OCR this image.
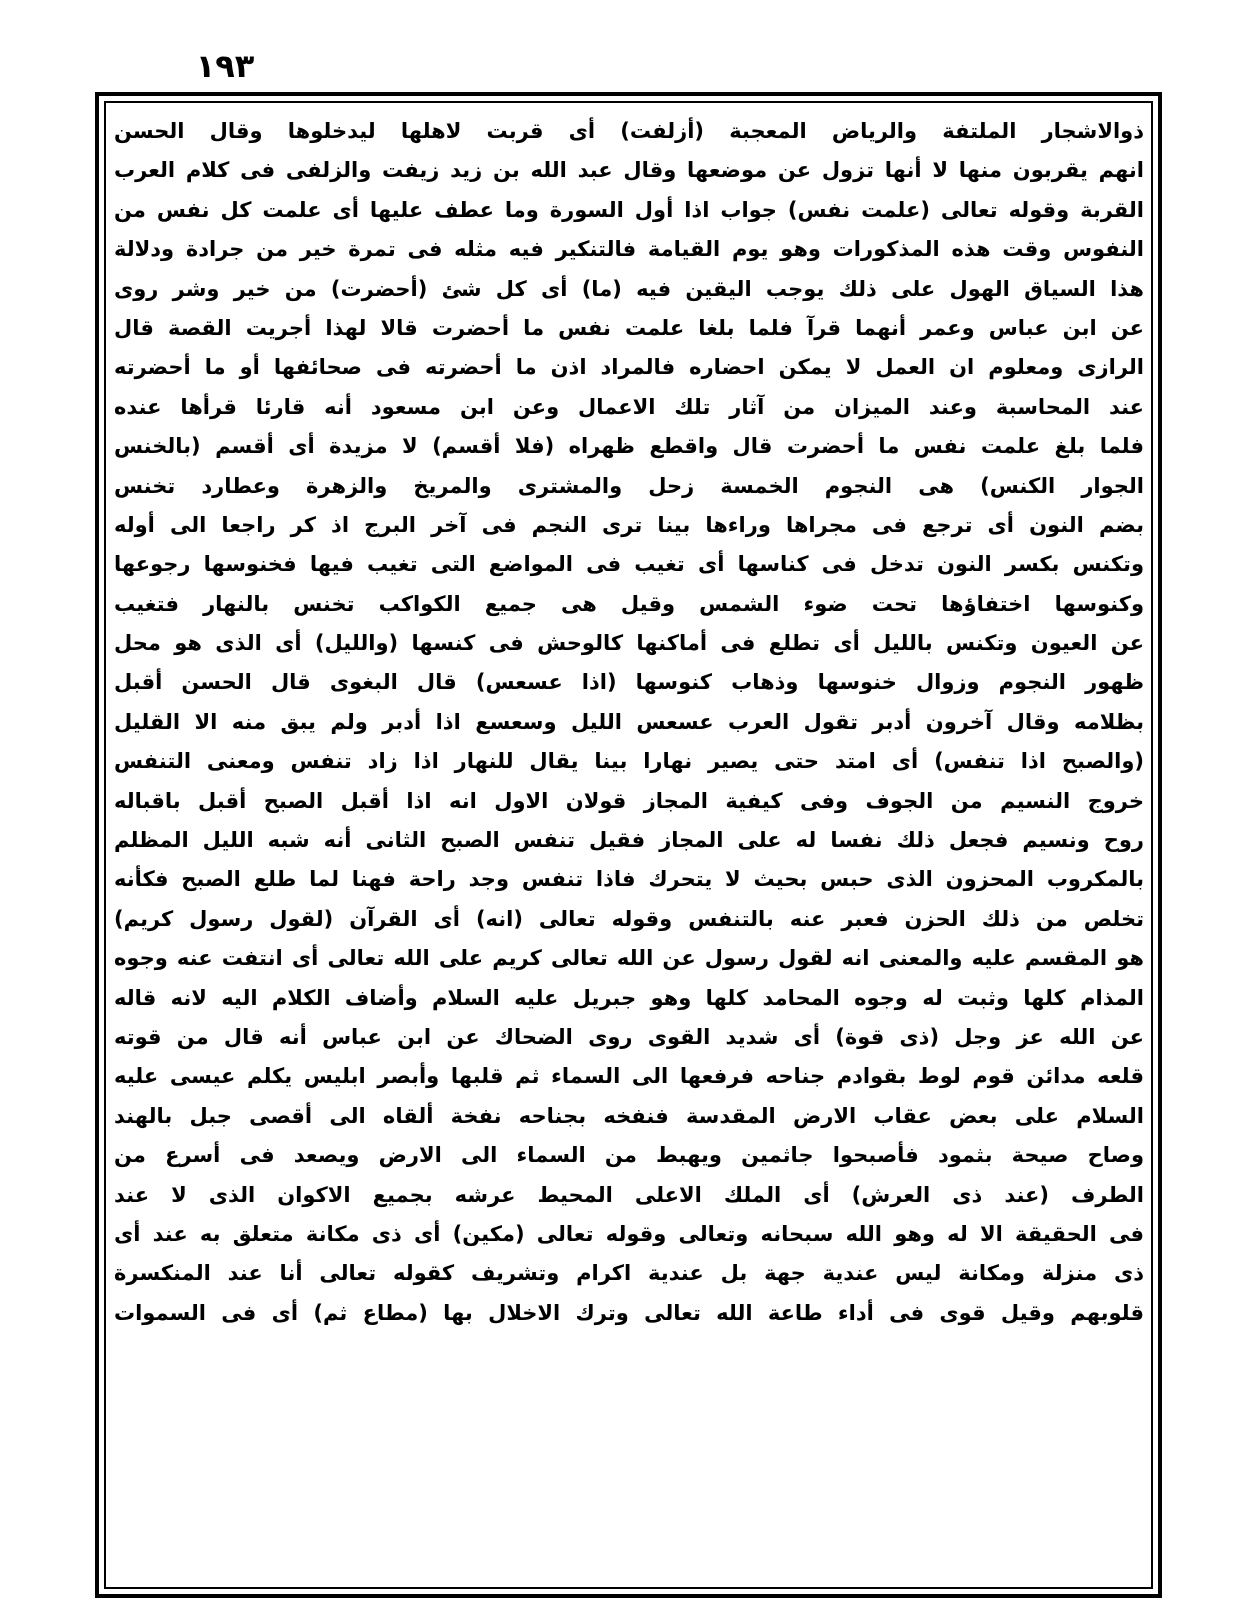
١٩٣
ذوالاشجار الملتفة والرياض المعجبة (أزلفت) أى قربت لاهلها ليدخلوها وقال الحسن
انهم يقربون منها لا أنها تزول عن موضعها وقال عبد الله بن زيد زيفت والزلفى فى كلام العرب
القربة وقوله تعالى (علمت نفس) جواب اذا أول السورة وما عطف عليها أى علمت كل نفس من
النفوس وقت هذه المذكورات وهو يوم القيامة فالتنكير فيه مثله فى تمرة خير من جرادة ودلالة
هذا السياق الهول على ذلك يوجب اليقين فيه (ما) أى كل شئ (أحضرت) من خير وشر روى
عن ابن عباس وعمر أنهما قرآ فلما بلغا علمت نفس ما أحضرت قالا لهذا أجريت القصة قال
الرازى ومعلوم ان العمل لا يمكن احضاره فالمراد اذن ما أحضرته فى صحائفها أو ما أحضرته
عند المحاسبة وعند الميزان من آثار تلك الاعمال وعن ابن مسعود أنه قارئا قرأها عنده
فلما بلغ علمت نفس ما أحضرت قال واقطع ظهراه (فلا أقسم) لا مزيدة أى أقسم (بالخنس
الجوار الكنس) هى النجوم الخمسة زحل والمشترى والمريخ والزهرة وعطارد تخنس
بضم النون أى ترجع فى مجراها وراءها بينا ترى النجم فى آخر البرج اذ كر راجعا الى أوله
وتكنس بكسر النون تدخل فى كناسها أى تغيب فى المواضع التى تغيب فيها فخنوسها رجوعها
وكنوسها اختفاؤها تحت ضوء الشمس وقيل هى جميع الكواكب تخنس بالنهار فتغيب
عن العيون وتكنس بالليل أى تطلع فى أماكنها كالوحش فى كنسها (والليل) أى الذى هو محل
ظهور النجوم وزوال خنوسها وذهاب كنوسها (اذا عسعس) قال البغوى قال الحسن أقبل
بظلامه وقال آخرون أدبر تقول العرب عسعس الليل وسعسع اذا أدبر ولم يبق منه الا القليل
(والصبح اذا تنفس) أى امتد حتى يصير نهارا بينا يقال للنهار اذا زاد تنفس ومعنى التنفس
خروج النسيم من الجوف وفى كيفية المجاز قولان الاول انه اذا أقبل الصبح أقبل باقباله
روح ونسيم فجعل ذلك نفسا له على المجاز فقيل تنفس الصبح الثانى أنه شبه الليل المظلم
بالمكروب المحزون الذى حبس بحيث لا يتحرك فاذا تنفس وجد راحة فهنا لما طلع الصبح فكأنه
تخلص من ذلك الحزن فعبر عنه بالتنفس وقوله تعالى (انه) أى القرآن (لقول رسول كريم)
هو المقسم عليه والمعنى انه لقول رسول عن الله تعالى كريم على الله تعالى أى انتفت عنه وجوه
المذام كلها وثبت له وجوه المحامد كلها وهو جبريل عليه السلام وأضاف الكلام اليه لانه قاله
عن الله عز وجل (ذى قوة) أى شديد القوى روى الضحاك عن ابن عباس أنه قال من قوته
قلعه مدائن قوم لوط بقوادم جناحه فرفعها الى السماء ثم قلبها وأبصر ابليس يكلم عيسى عليه
السلام على بعض عقاب الارض المقدسة فنفخه بجناحه نفخة ألقاه الى أقصى جبل بالهند
وصاح صيحة بثمود فأصبحوا جاثمين ويهبط من السماء الى الارض ويصعد فى أسرع من
الطرف (عند ذى العرش) أى الملك الاعلى المحيط عرشه بجميع الاكوان الذى لا عند
فى الحقيقة الا له وهو الله سبحانه وتعالى وقوله تعالى (مكين) أى ذى مكانة متعلق به عند أى
ذى منزلة ومكانة ليس عندية جهة بل عندية اكرام وتشريف كقوله تعالى أنا عند المنكسرة
قلوبهم وقيل قوى فى أداء طاعة الله تعالى وترك الاخلال بها (مطاع ثم) أى فى السموات
